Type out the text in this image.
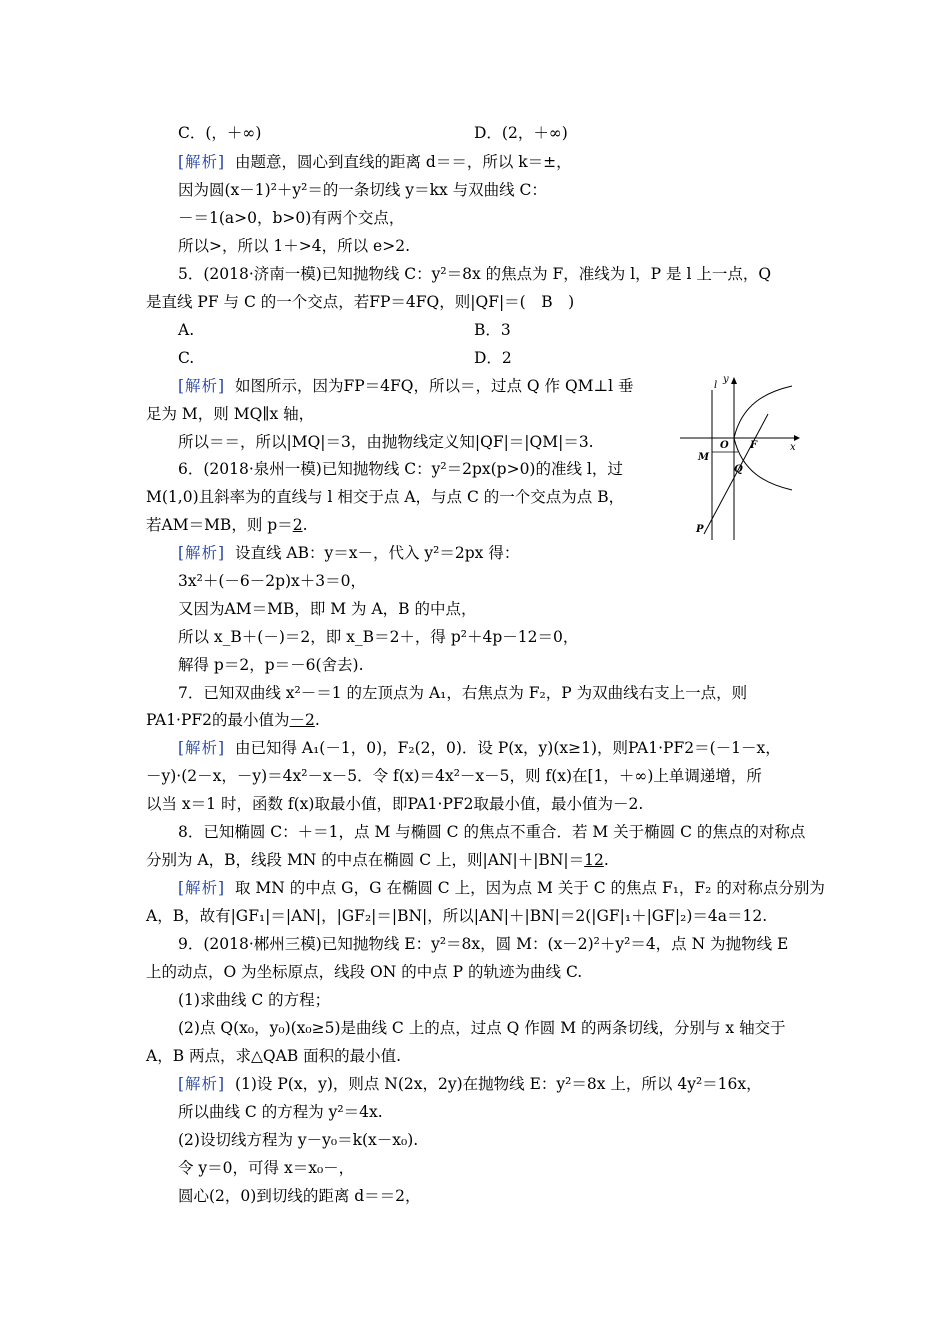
C．(，＋∞)	D．(2，＋∞)
[解析] 由题意，圆心到直线的距离 d＝＝，所以 k＝±，
因为圆(x－1)²＋y²＝的一条切线 y＝kx 与双曲线 C：
－＝1(a>0，b>0)有两个交点，
所以>，所以 1＋>4，所以 e>2.
5．(2018·济南一模)已知抛物线 C：y²＝8x 的焦点为 F，准线为 l，P 是 l 上一点，Q
是直线 PF 与 C 的一个交点，若FP＝4FQ，则|QF|＝(　B　)
A.	B．3
C.	D．2
[解析] 如图所示，因为FP＝4FQ，所以＝，过点 Q 作 QM⊥l 垂
足为 M，则 MQ∥x 轴，
所以＝＝，所以|MQ|＝3，由抛物线定义知|QF|＝|QM|＝3.
l
y
x
O F
M
Q
P
6．(2018·泉州一模)已知抛物线 C：y²＝2px(p>0)的准线 l，过
M(1,0)且斜率为的直线与 l 相交于点 A，与点 C 的一个交点为点 B，
若AM＝MB，则 p＝2.
[解析] 设直线 AB：y＝x－，代入 y²＝2px 得：
3x²＋(－6－2p)x＋3＝0，
又因为AM＝MB，即 M 为 A，B 的中点，
所以 x_B＋(－)＝2，即 x_B＝2＋，得 p²＋4p－12＝0，
解得 p＝2，p＝－6(舍去).
7．已知双曲线 x²－＝1 的左顶点为 A₁，右焦点为 F₂，P 为双曲线右支上一点，则
PA1·PF2的最小值为－2.
[解析] 由已知得 A₁(－1，0)，F₂(2，0)．设 P(x，y)(x≥1)，则PA1·PF2＝(－1－x，
－y)·(2－x，－y)＝4x²－x－5．令 f(x)＝4x²－x－5，则 f(x)在[1，＋∞)上单调递增，所
以当 x＝1 时，函数 f(x)取最小值，即PA1·PF2取最小值，最小值为－2.
8．已知椭圆 C：＋＝1，点 M 与椭圆 C 的焦点不重合．若 M 关于椭圆 C 的焦点的对称点
分别为 A，B，线段 MN 的中点在椭圆 C 上，则|AN|＋|BN|＝12.
[解析] 取 MN 的中点 G，G 在椭圆 C 上，因为点 M 关于 C 的焦点 F₁，F₂ 的对称点分别为
A，B，故有|GF₁|＝|AN|，|GF₂|＝|BN|，所以|AN|＋|BN|＝2(|GF|₁＋|GF|₂)＝4a＝12.
9．(2018·郴州三模)已知抛物线 E：y²＝8x，圆 M：(x－2)²＋y²＝4，点 N 为抛物线 E
上的动点，O 为坐标原点，线段 ON 的中点 P 的轨迹为曲线 C.
(1)求曲线 C 的方程；
(2)点 Q(x₀，y₀)(x₀≥5)是曲线 C 上的点，过点 Q 作圆 M 的两条切线，分别与 x 轴交于
A，B 两点，求△QAB 面积的最小值.
[解析] (1)设 P(x，y)，则点 N(2x，2y)在抛物线 E：y²＝8x 上，所以 4y²＝16x，
所以曲线 C 的方程为 y²＝4x.
(2)设切线方程为 y－y₀＝k(x－x₀).
令 y＝0，可得 x＝x₀－，
圆心(2，0)到切线的距离 d＝＝2，
